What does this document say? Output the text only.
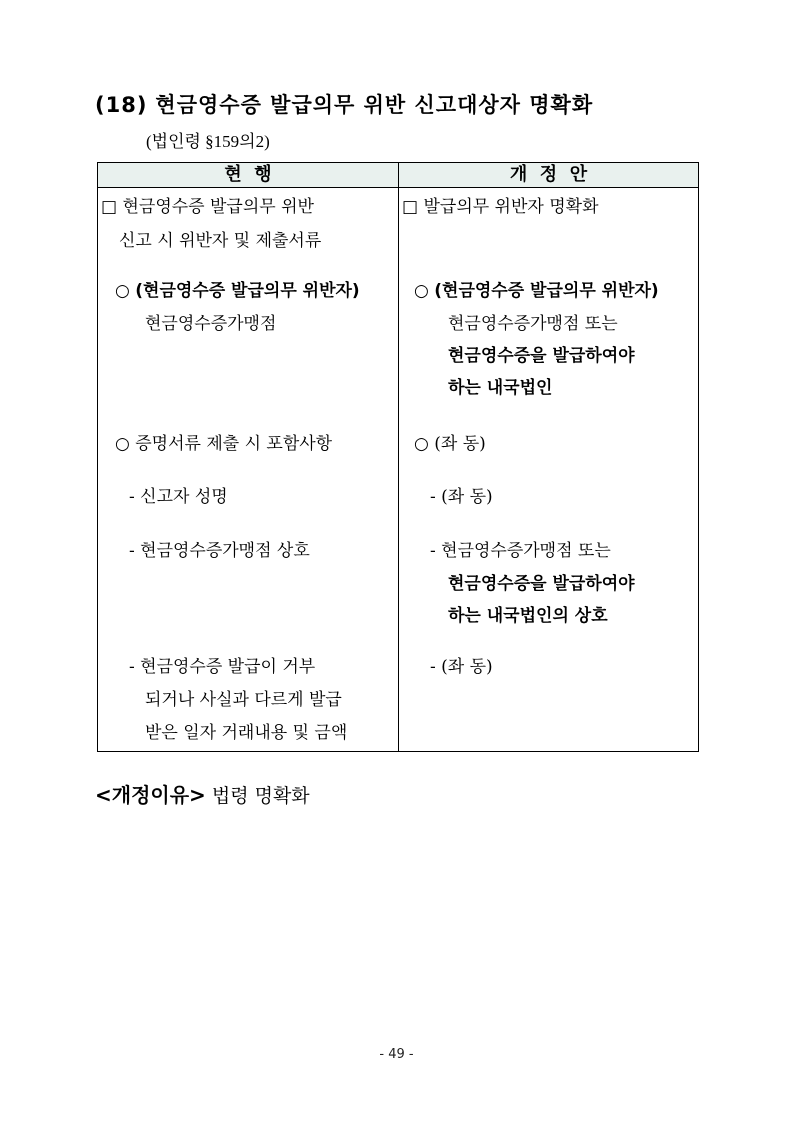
(18) 현금영수증 발급의무 위반 신고대상자 명확화
(법인령 §159의2)
현  행	개  정  안
□ 현금영수증 발급의무 위반
신고 시 위반자 및 제출서류
○ (현금영수증 발급의무 위반자)
현금영수증가맹점
○ 증명서류 제출 시 포함사항
- 신고자 성명
- 현금영수증가맹점 상호
- 현금영수증 발급이 거부
되거나 사실과 다르게 발급
받은 일자 거래내용 및 금액
□ 발급의무 위반자 명확화
○ (현금영수증 발급의무 위반자)
현금영수증가맹점 또는
현금영수증을 발급하여야
하는 내국법인
○ (좌 동)
- (좌 동)
- 현금영수증가맹점 또는
현금영수증을 발급하여야
하는 내국법인의 상호
- (좌 동)
<개정이유> 법령 명확화
- 49 -
